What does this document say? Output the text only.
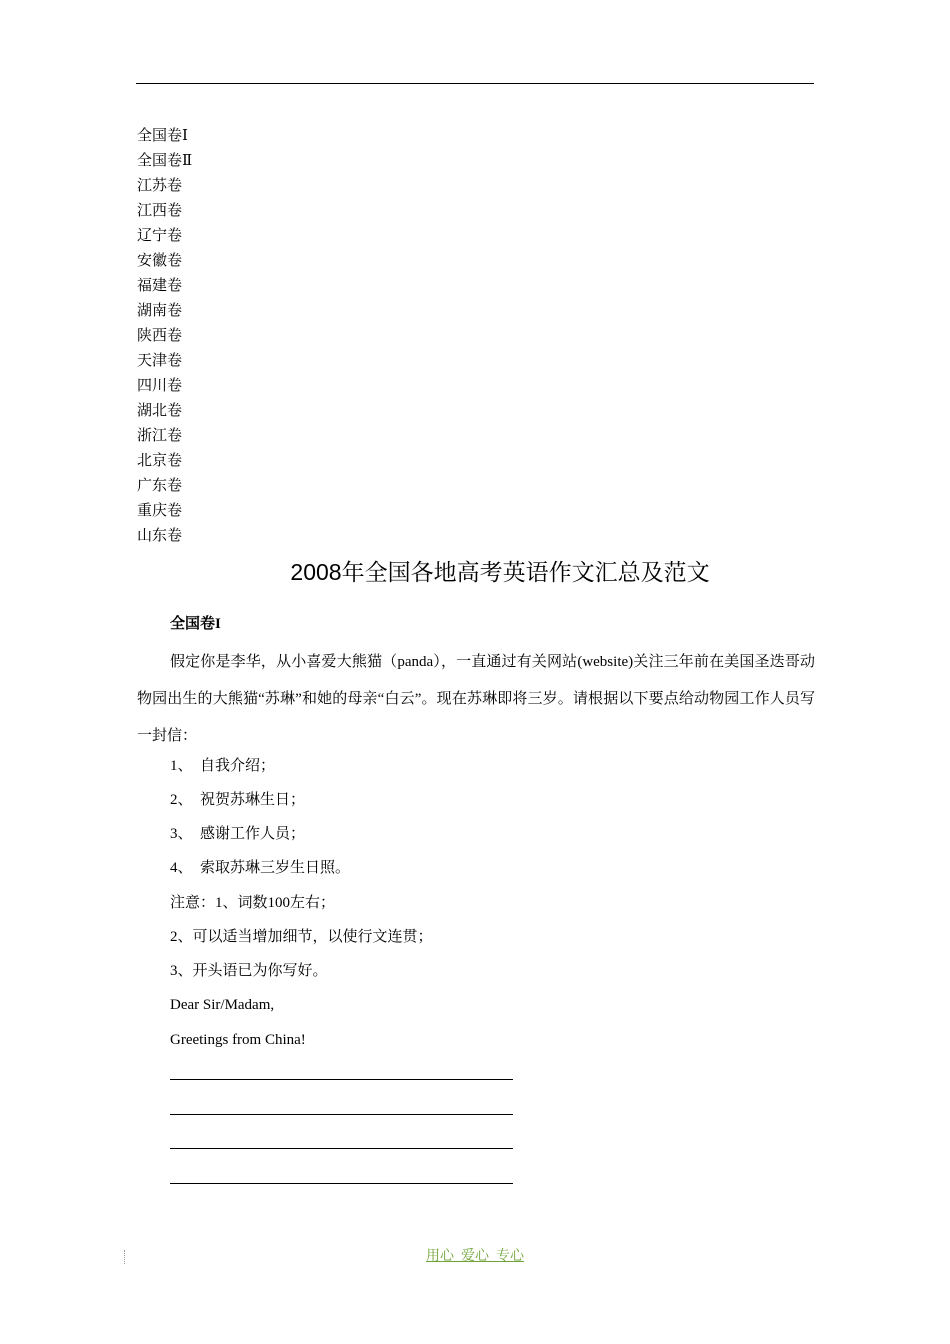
全国卷Ⅰ
全国卷Ⅱ
江苏卷
江西卷
辽宁卷
安徽卷
福建卷
湖南卷
陕西卷
天津卷
四川卷
湖北卷
浙江卷
北京卷
广东卷
重庆卷
山东卷
2008年全国各地高考英语作文汇总及范文
全国卷I

假定你是李华，从小喜爱大熊猫（panda），一直通过有关网站(website)关注三年前在美国圣迭哥动物园出生的大熊猫“苏琳”和她的母亲“白云”。现在苏琳即将三岁。请根据以下要点给动物园工作人员写一封信：

1、 自我介绍；

2、 祝贺苏琳生日；

3、 感谢工作人员；

4、 索取苏琳三岁生日照。

注意：1、词数100左右；

2、可以适当增加细节，以使行文连贯；

3、开头语已为你写好。

Dear Sir/Madam,

Greetings from China!

用心_爱心_专心
